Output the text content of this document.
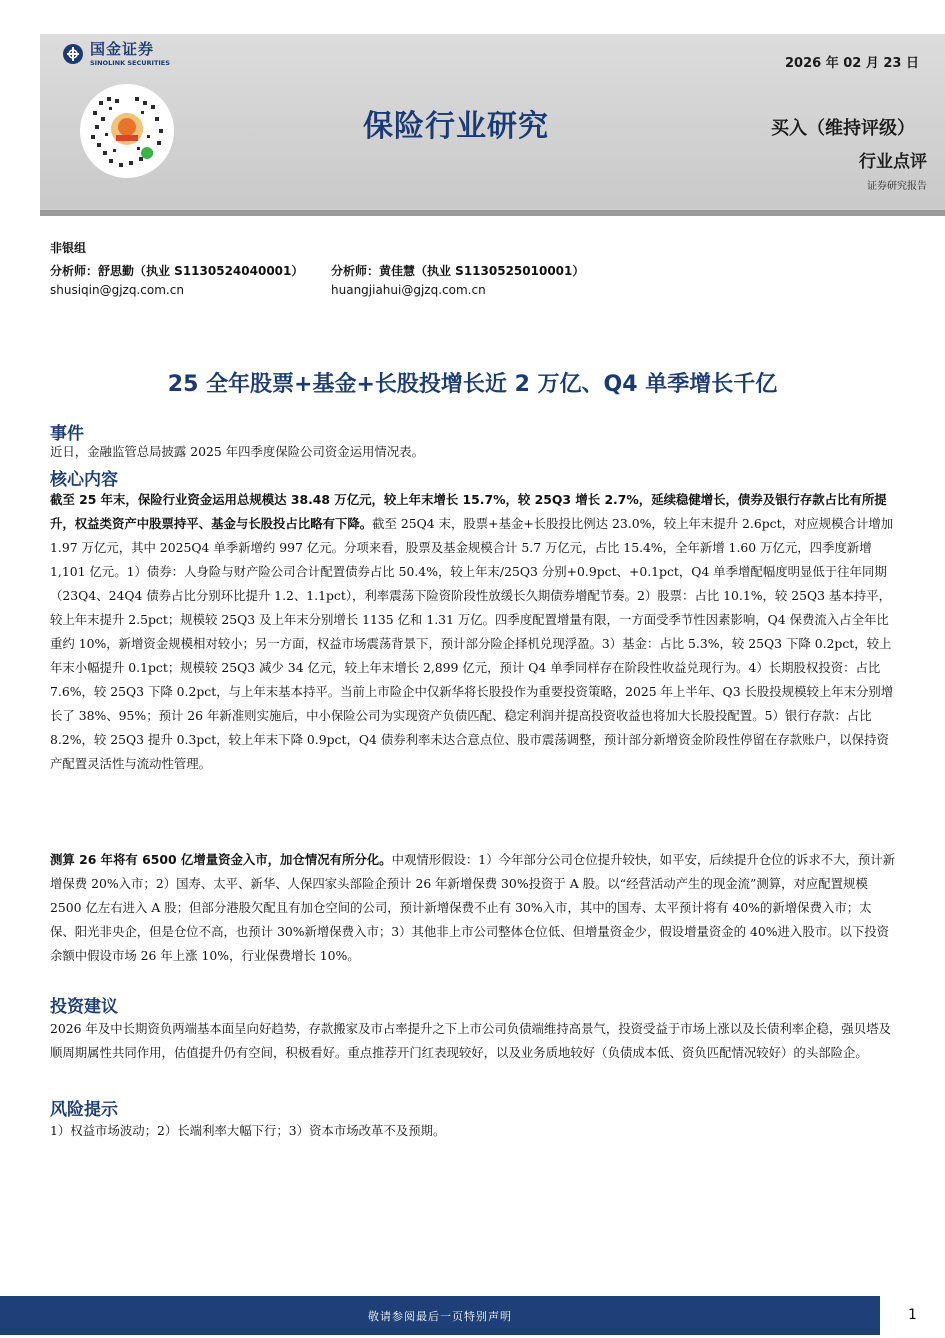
国金证券
SINOLINK SECURITIES	2026 年 02 月 23 日
保险行业研究	买入（维持评级）
行业点评
证券研究报告
非银组
分析师：舒思勤（执业 S1130524040001） 分析师：黄佳慧（执业 S1130525010001）
shusiqin@gjzq.com.cn	huangjiahui@gjzq.com.cn
25 全年股票+基金+长股投增长近 2 万亿、Q4 单季增长千亿
事件
近日，金融监管总局披露 2025 年四季度保险公司资金运用情况表。
核心内容
截至 25 年末，保险行业资金运用总规模达 38.48 万亿元，较上年末增长 15.7%，较 25Q3 增长 2.7%，延续稳健增长，债券及银行存款占比有所提升，权益类资产中股票持平、基金与长股投占比略有下降。截至 25Q4 末，股票+基金+长股投比例达 23.0%，较上年末提升 2.6pct，对应规模合计增加 1.97 万亿元，其中 2025Q4 单季新增约 997 亿元。分项来看，股票及基金规模合计 5.7 万亿元，占比 15.4%，全年新增 1.60 万亿元，四季度新增 1,101 亿元。1）债券：人身险与财产险公司合计配置债券占比 50.4%，较上年末/25Q3 分别+0.9pct、+0.1pct，Q4 单季增配幅度明显低于往年同期（23Q4、24Q4 债券占比分别环比提升 1.2、1.1pct），利率震荡下险资阶段性放缓长久期债券增配节奏。2）股票：占比 10.1%，较 25Q3 基本持平，较上年末提升 2.5pct；规模较 25Q3 及上年末分别增长 1135 亿和 1.31 万亿。四季度配置增量有限，一方面受季节性因素影响，Q4 保费流入占全年比重约 10%，新增资金规模相对较小；另一方面，权益市场震荡背景下，预计部分险企择机兑现浮盈。3）基金：占比 5.3%，较 25Q3 下降 0.2pct，较上年末小幅提升 0.1pct；规模较 25Q3 减少 34 亿元，较上年末增长 2,899 亿元，预计 Q4 单季同样存在阶段性收益兑现行为。4）长期股权投资：占比 7.6%，较 25Q3 下降 0.2pct，与上年末基本持平。当前上市险企中仅新华将长股投作为重要投资策略，2025 年上半年、Q3 长股投规模较上年末分别增长了 38%、95%；预计 26 年新准则实施后，中小保险公司为实现资产负债匹配、稳定利润并提高投资收益也将加大长股投配置。5）银行存款：占比 8.2%，较 25Q3 提升 0.3pct，较上年末下降 0.9pct，Q4 债券利率未达合意点位、股市震荡调整，预计部分新增资金阶段性停留在存款账户，以保持资产配置灵活性与流动性管理。
测算 26 年将有 6500 亿增量资金入市，加仓情况有所分化。中观情形假设：1）今年部分公司仓位提升较快，如平安，后续提升仓位的诉求不大，预计新增保费 20%入市；2）国寿、太平、新华、人保四家头部险企预计 26 年新增保费 30%投资于 A 股。以“经营活动产生的现金流”测算，对应配置规模 2500 亿左右进入 A 股；但部分港股欠配且有加仓空间的公司，预计新增保费不止有 30%入市，其中的国寿、太平预计将有 40%的新增保费入市；太保、阳光非央企，但是仓位不高，也预计 30%新增保费入市；3）其他非上市公司整体仓位低、但增量资金少，假设增量资金的 40%进入股市。以下投资余额中假设市场 26 年上涨 10%，行业保费增长 10%。
投资建议
2026 年及中长期资负两端基本面呈向好趋势，存款搬家及市占率提升之下上市公司负债端维持高景气，投资受益于市场上涨以及长债利率企稳，强贝塔及顺周期属性共同作用，估值提升仍有空间，积极看好。重点推荐开门红表现较好，以及业务质地较好（负债成本低、资负匹配情况较好）的头部险企。
风险提示
1）权益市场波动；2）长端利率大幅下行；3）资本市场改革不及预期。
敬请参阅最后一页特别声明	1
